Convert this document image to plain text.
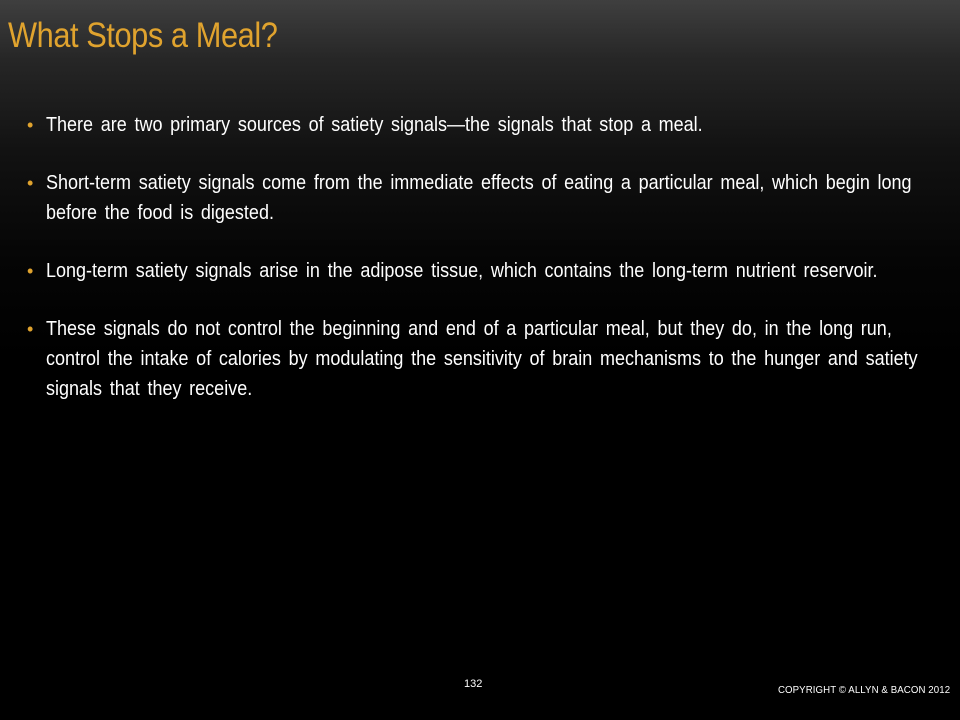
What Stops a Meal?
• There are two primary sources of satiety signals—the signals that stop a meal.
• Short-term satiety signals come from the immediate effects of eating a particular meal, which begin long before the food is digested.
• Long-term satiety signals arise in the adipose tissue, which contains the long-term nutrient reservoir.
• These signals do not control the beginning and end of a particular meal, but they do, in the long run, control the intake of calories by modulating the sensitivity of brain mechanisms to the hunger and satiety signals that they receive.
132	COPYRIGHT © ALLYN & BACON 2012
